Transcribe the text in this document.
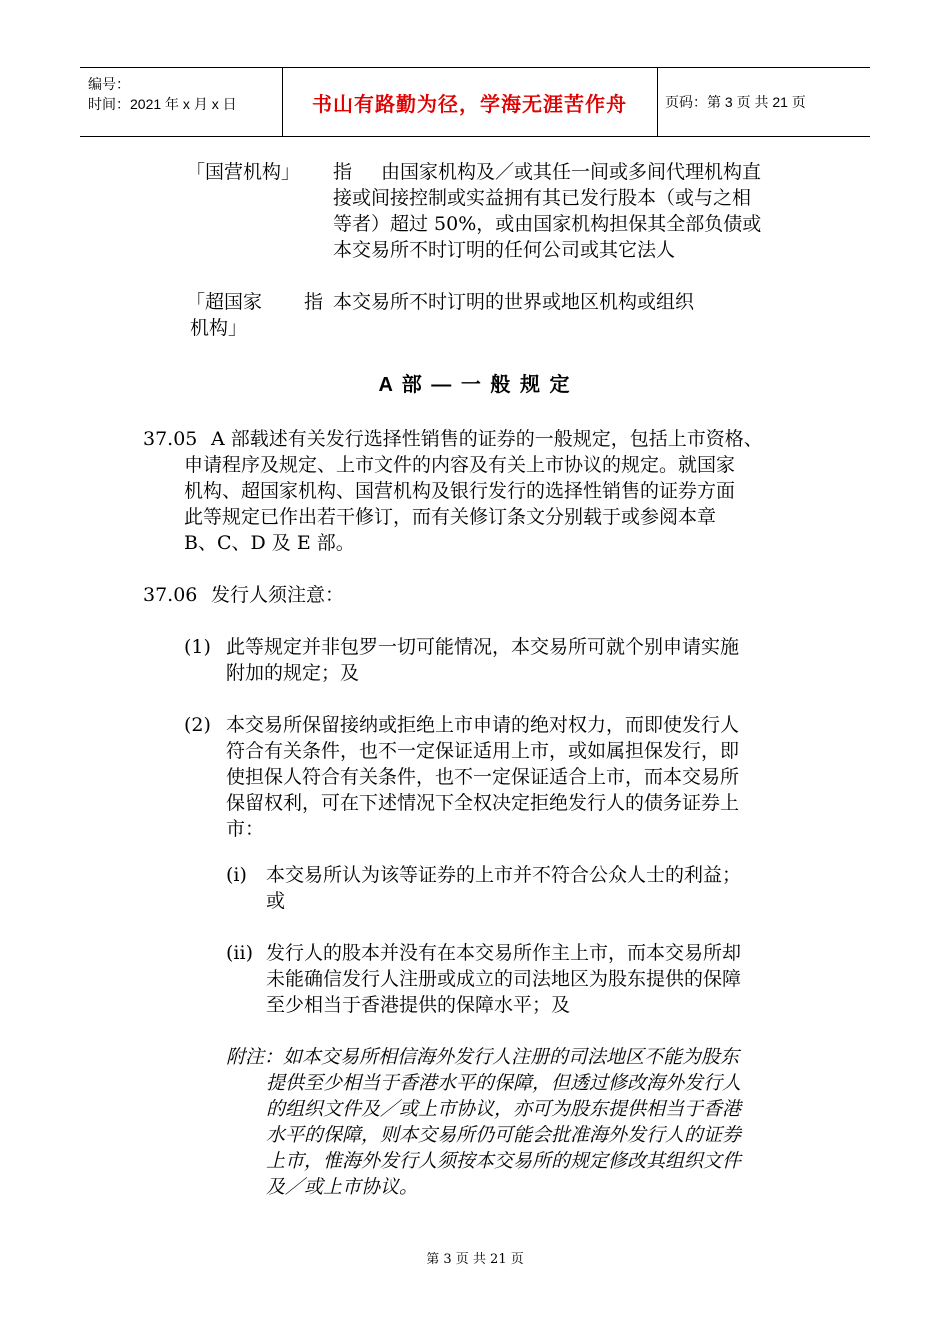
编号：
时间：2021 年 x 月 x 日	书山有路勤为径，学海无涯苦作舟	页码：第 3 页 共 21 页
「国营机构」 指 由国家机构及／或其任一间或多间代理机构直
接或间接控制或实益拥有其已发行股本（或与之相
等者）超过 50%，或由国家机构担保其全部负债或
本交易所不时订明的任何公司或其它法人
「超国家
机构」
指 本交易所不时订明的世界或地区机构或组织
A 部 — 一 般 规 定
37.05 A 部载述有关发行选择性销售的证券的一般规定，包括上市资格、
申请程序及规定、上市文件的内容及有关上市协议的规定。就国家
机构、超国家机构、国营机构及银行发行的选择性销售的证券方面
此等规定已作出若干修订，而有关修订条文分别载于或参阅本章
B、C、D 及 E 部。
37.06 发行人须注意：
(1) 此等规定并非包罗一切可能情况，本交易所可就个别申请实施
附加的规定；及
(2) 本交易所保留接纳或拒绝上市申请的绝对权力，而即使发行人
符合有关条件，也不一定保证适用上市，或如属担保发行，即
使担保人符合有关条件，也不一定保证适合上市，而本交易所
保留权利，可在下述情况下全权决定拒绝发行人的债务证券上
市：
(i) 本交易所认为该等证券的上市并不符合公众人士的利益；
或
(ii) 发行人的股本并没有在本交易所作主上市，而本交易所却
未能确信发行人注册或成立的司法地区为股东提供的保障
至少相当于香港提供的保障水平；及
附注：如本交易所相信海外发行人注册的司法地区不能为股东
提供至少相当于香港水平的保障，但透过修改海外发行人
的组织文件及／或上市协议，亦可为股东提供相当于香港
水平的保障，则本交易所仍可能会批准海外发行人的证券
上市，惟海外发行人须按本交易所的规定修改其组织文件
及／或上市协议。
第 3 页 共 21 页
